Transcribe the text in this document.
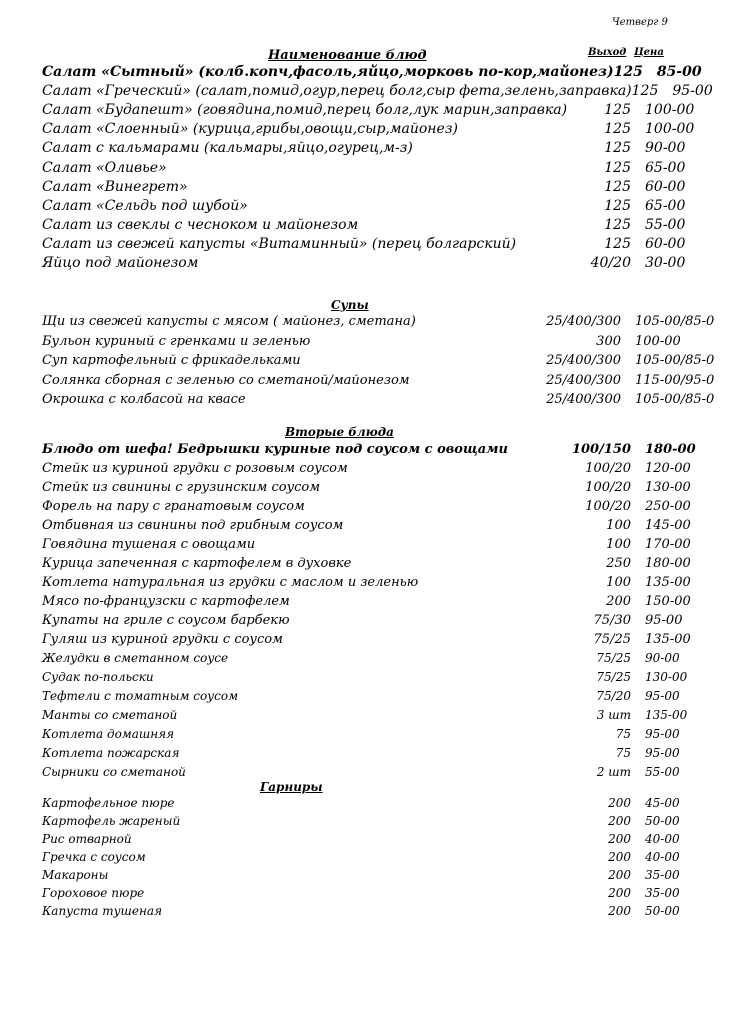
Четверг 9
Наименование блюд	Выход Цена
Салат «Сытный» (колб.копч,фасоль,яйцо,морковь по-кор,майонез) 125 85-00
Салат «Греческий» (салат,помид,огур,перец болг,сыр фета,зелень,заправка) 125 95-00
Салат «Будапешт» (говядина,помид,перец болг,лук марин,заправка)	125 100-00
Салат «Слоенный» (курица,грибы,овощи,сыр,майонез)	125 100-00
Салат с кальмарами (кальмары,яйцо,огурец,м-з)	125 90-00
Салат «Оливье»	125 65-00
Салат «Винегрет»	125 60-00
Салат «Сельдь под шубой»	125 65-00
Салат из свеклы с чесноком и майонезом	125 55-00
Салат из свежей капусты «Витаминный» (перец болгарский)	125 60-00
Яйцо под майонезом	40/20 30-00
Щи из свежей капусты с мясом ( майонез, сметана)	25/400/300 105-00/85-0
Бульон куриный с гренками и зеленью	300 100-00
Суп картофельный с фрикадельками	25/400/300 105-00/85-0
Солянка сборная с зеленью со сметаной/майонезом	25/400/300 115-00/95-0
Окрошка с колбасой на квасе	25/400/300 105-00/85-0
Блюдо от шефа! Бедрышки куриные под соусом с овощами	100/150 180-00
Стейк из куриной грудки с розовым соусом	100/20 120-00
Стейк из свинины с грузинским соусом	100/20 130-00
Форель на пару с гранатовым соусом	100/20 250-00
Отбивная из свинины под грибным соусом	100 145-00
Говядина тушеная с овощами	100 170-00
Курица запеченная с картофелем в духовке	250 180-00
Котлета натуральная из грудки с маслом и зеленью	100 135-00
Мясо по-французски с картофелем	200 150-00
Купаты на гриле с соусом барбекю	75/30 95-00
Гуляш из куриной грудки с соусом	75/25 135-00
Желудки в сметанном соусе	75/25 90-00
Судак по-польски	75/25 130-00
Тефтели с томатным соусом	75/20 95-00
Манты со сметаной	3 шт 135-00
Котлета домашняя	75 95-00
Котлета пожарская	75 95-00
Сырники со сметаной	2 шт 55-00
Картофельное пюре	200 45-00
Картофель жареный	200 50-00
Рис отварной	200 40-00
Гречка с соусом	200 40-00
Макароны	200 35-00
Гороховое пюре	200 35-00
Капуста тушеная	200 50-00
Супы
Вторые блюда
Гарниры
